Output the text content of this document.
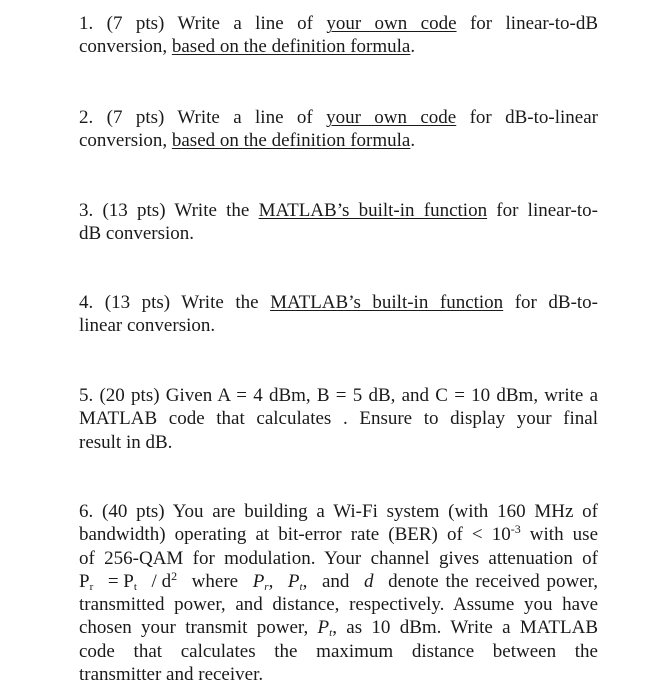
1. (7 pts) Write a line of your own code for linear-to-dB
conversion, based on the definition formula.
2. (7 pts) Write a line of your own code for dB-to-linear
conversion, based on the definition formula.
3. (13 pts) Write the MATLAB’s built-in function for linear-to-
dB conversion.
4. (13 pts) Write the MATLAB’s built-in function for dB-to-
linear conversion.
5. (20 pts) Given A = 4 dBm, B = 5 dB, and C = 10 dBm, write a
MATLAB code that calculates . Ensure to display your final
result in dB.
6. (40 pts) You are building a Wi-Fi system (with 160 MHz of
bandwidth) operating at bit-error rate (BER) of < $10^{-3}$ with use
of 256-QAM for modulation. Your channel gives attenuation of
$P_r = P_t / d^2$ where $P_r$, $P_t$, and d denote the received power,
transmitted power, and distance, respectively. Assume you have
chosen your transmit power, $P_t$, as 10 dBm. Write a MATLAB
code that calculates the maximum distance between the
transmitter and receiver.
